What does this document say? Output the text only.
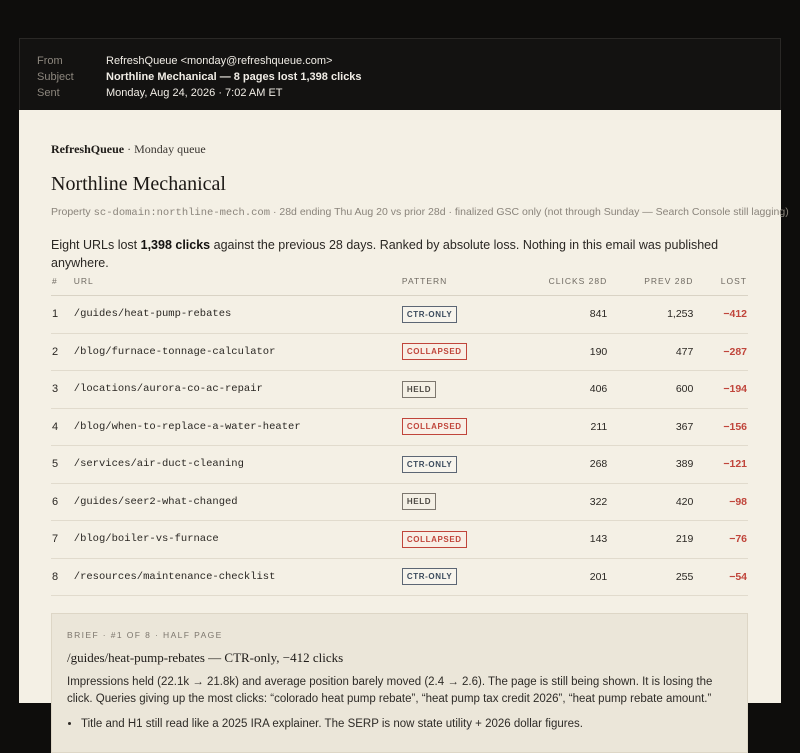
From	RefreshQueue <monday@refreshqueue.com>
Subject	Northline Mechanical — 8 pages lost 1,398 clicks
Sent	Monday, Aug 24, 2026 · 7:02 AM ET
RefreshQueue · Monday queue
Northline Mechanical
Property sc-domain:northline-mech.com · 28d ending Thu Aug 20 vs prior 28d · finalized GSC only (not through Sunday — Search Console still lagging)
Eight URLs lost 1,398 clicks against the previous 28 days. Ranked by absolute loss. Nothing in this email was published anywhere.
#	URL	PATTERN	CLICKS 28D	PREV 28D	LOST
1	/guides/heat-pump-rebates	CTR-ONLY	841	1,253	−412
2	/blog/furnace-tonnage-calculator	COLLAPSED	190	477	−287
3	/locations/aurora-co-ac-repair	HELD	406	600	−194
4	/blog/when-to-replace-a-water-heater	COLLAPSED	211	367	−156
5	/services/air-duct-cleaning	CTR-ONLY	268	389	−121
6	/guides/seer2-what-changed	HELD	322	420	−98
7	/blog/boiler-vs-furnace	COLLAPSED	143	219	−76
8	/resources/maintenance-checklist	CTR-ONLY	201	255	−54
BRIEF · #1 OF 8 · HALF PAGE
/guides/heat-pump-rebates — CTR-only, −412 clicks
Impressions held (22.1k → 21.8k) and average position barely moved (2.4 → 2.6). The page is still being shown. It is losing the click. Queries giving up the most clicks: “colorado heat pump rebate”, “heat pump tax credit 2026”, “heat pump rebate amount.”
• Title and H1 still read like a 2025 IRA explainer. The SERP is now state utility + 2026 dollar figures.
